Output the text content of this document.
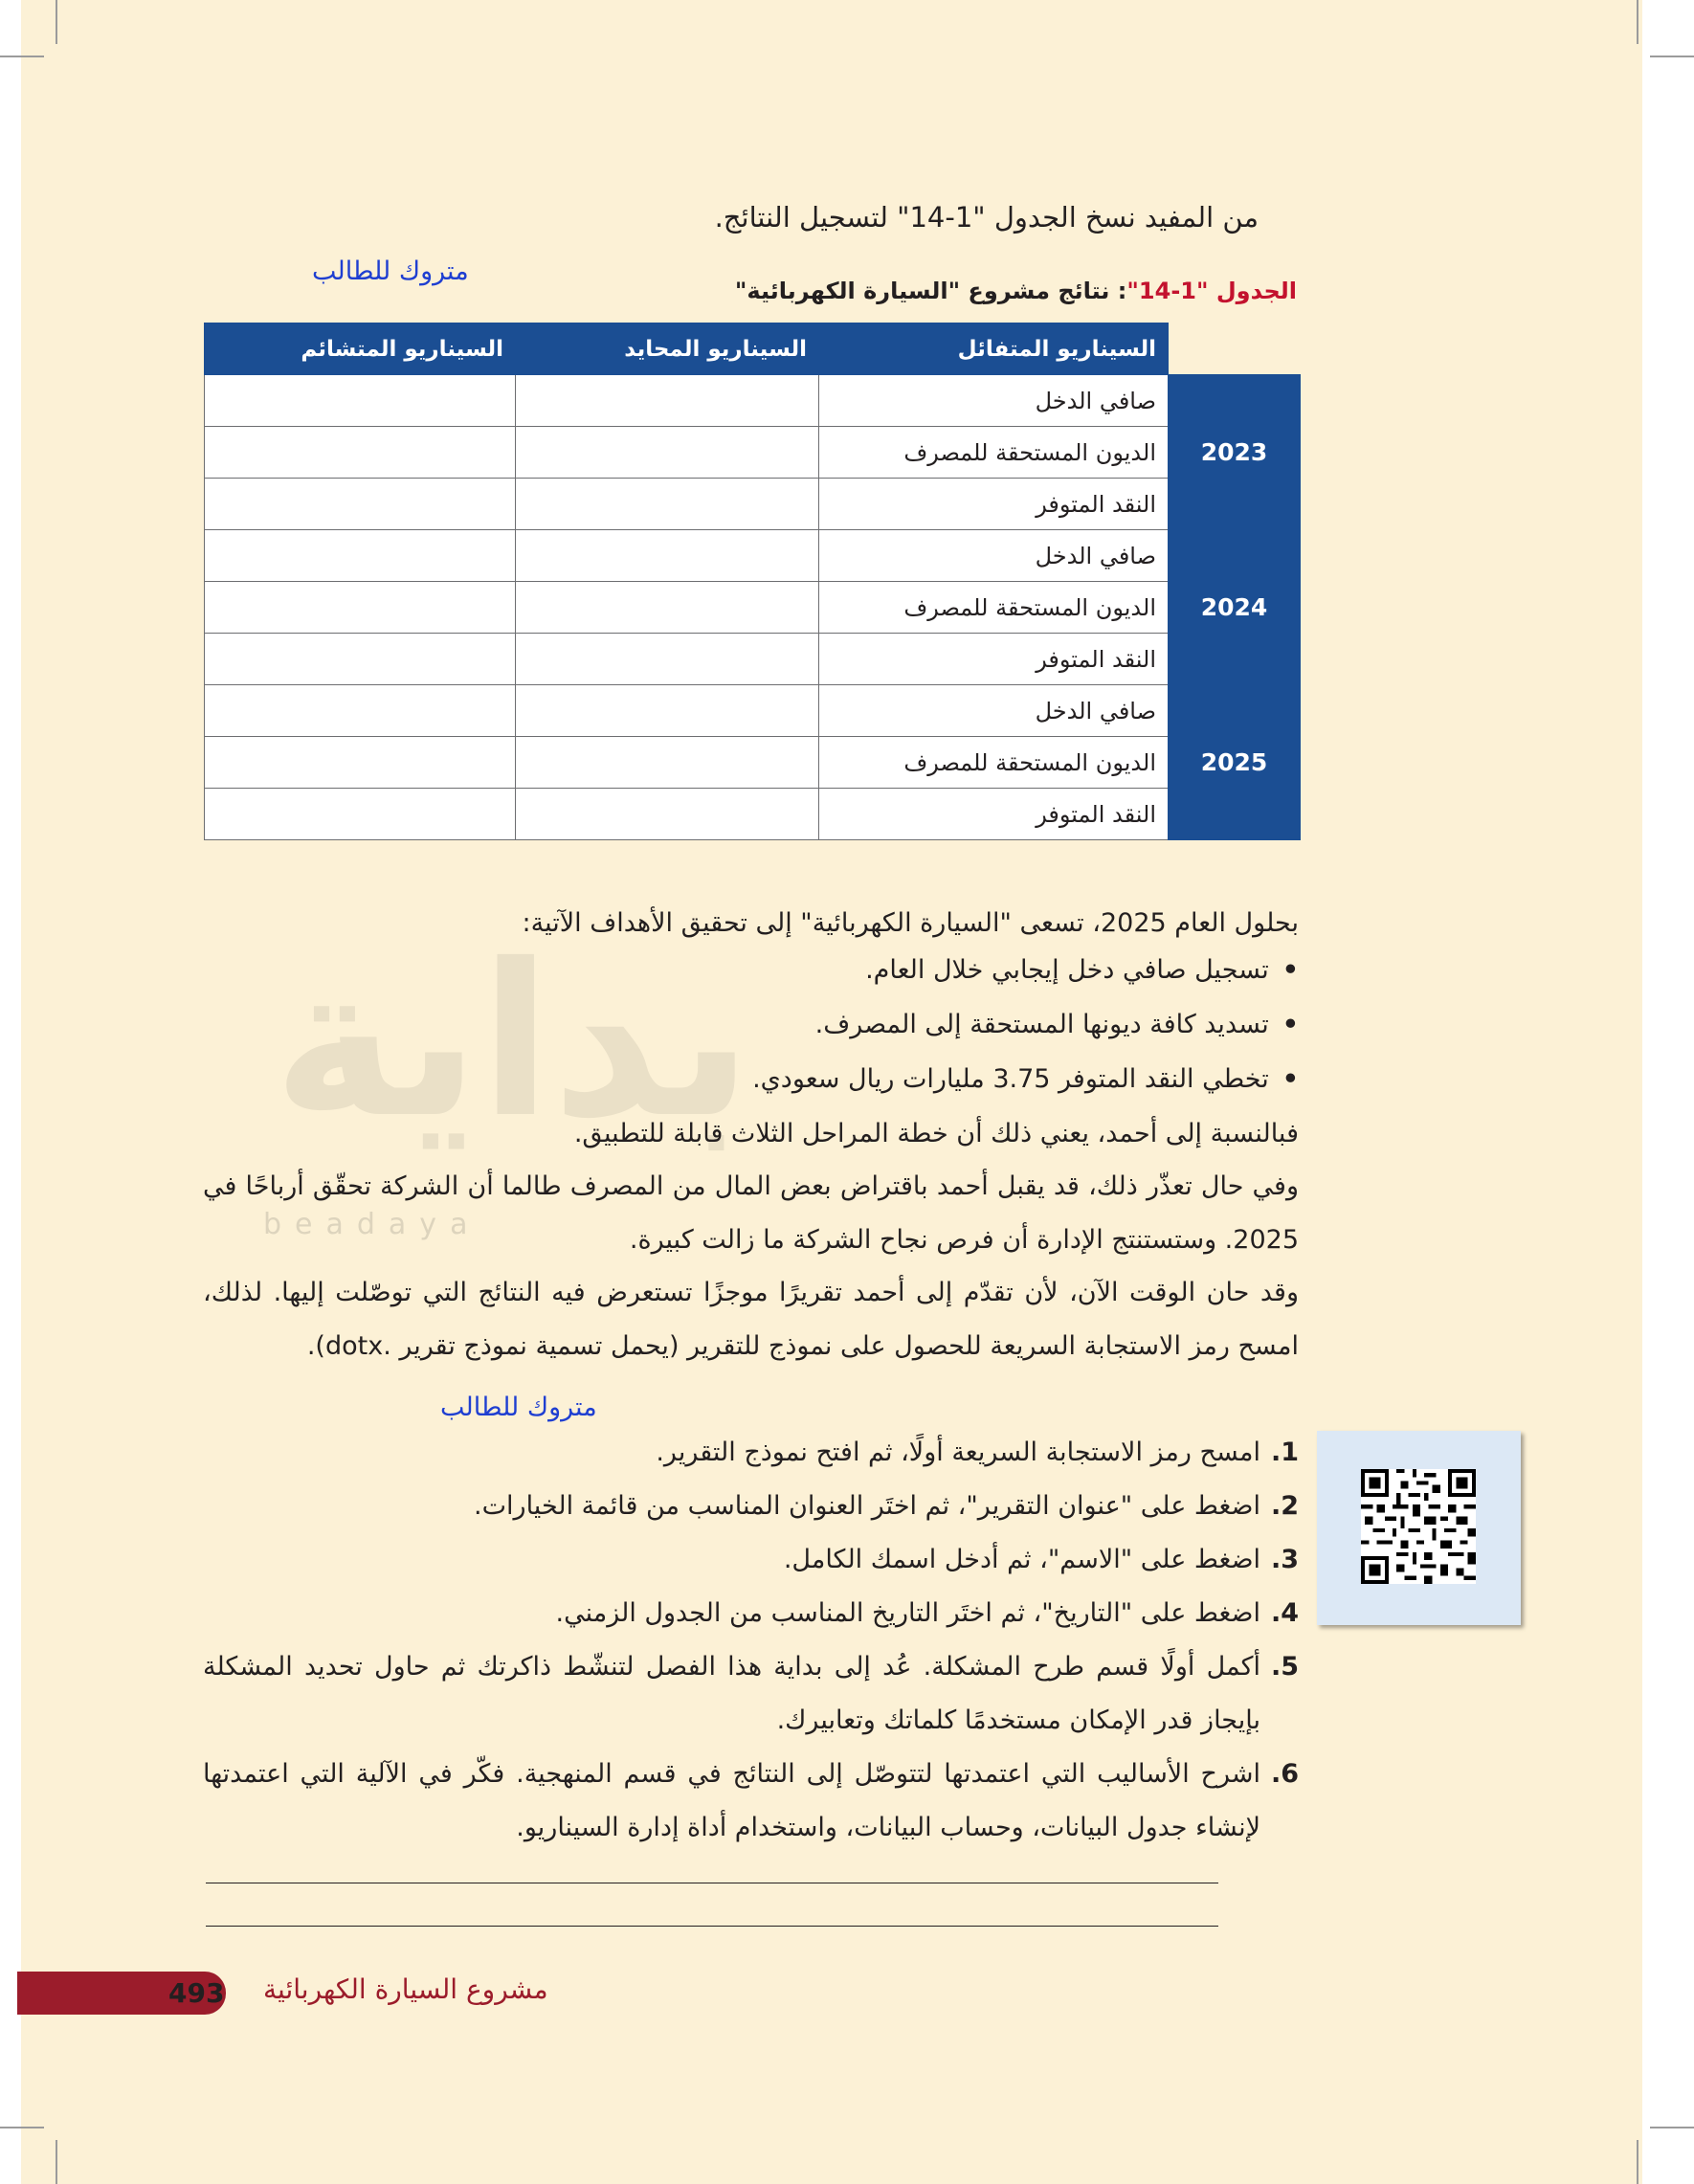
بداية
beadaya
من المفيد نسخ الجدول "1-14" لتسجيل النتائج.
متروك للطالب
الجدول "1-14": نتائج مشروع "السيارة الكهربائية"
	السيناريو المتفائل	السيناريو المحايد	السيناريو المتشائم
2023	صافي الدخل		
	الديون المستحقة للمصرف		
	النقد المتوفر		
2024	صافي الدخل		
	الديون المستحقة للمصرف		
	النقد المتوفر		
2025	صافي الدخل		
	الديون المستحقة للمصرف		
	النقد المتوفر		
بحلول العام 2025، تسعى "السيارة الكهربائية" إلى تحقيق الأهداف الآتية:
• تسجيل صافي دخل إيجابي خلال العام.
• تسديد كافة ديونها المستحقة إلى المصرف.
• تخطي النقد المتوفر 3.75 مليارات ريال سعودي.
فبالنسبة إلى أحمد، يعني ذلك أن خطة المراحل الثلاث قابلة للتطبيق.
وفي حال تعذّر ذلك، قد يقبل أحمد باقتراض بعض المال من المصرف طالما أن الشركة تحقّق أرباحًا في 2025. وستستنتج الإدارة أن فرص نجاح الشركة ما زالت كبيرة.
وقد حان الوقت الآن، لأن تقدّم إلى أحمد تقريرًا موجزًا تستعرض فيه النتائج التي توصّلت إليها. لذلك، امسح رمز الاستجابة السريعة للحصول على نموذج للتقرير (يحمل تسمية نموذج تقرير .dotx).
متروك للطالب
1.
امسح رمز الاستجابة السريعة أولًا، ثم افتح نموذج التقرير.
2.
اضغط على "عنوان التقرير"، ثم اختَر العنوان المناسب من قائمة الخيارات.
3.
اضغط على "الاسم"، ثم أدخل اسمك الكامل.
4.
اضغط على "التاريخ"، ثم اختَر التاريخ المناسب من الجدول الزمني.
5.
أكمل أولًا قسم طرح المشكلة. عُد إلى بداية هذا الفصل لتنشّط ذاكرتك ثم حاول تحديد المشكلة بإيجاز قدر الإمكان مستخدمًا كلماتك وتعابيرك.
6.
اشرح الأساليب التي اعتمدتها لتتوصّل إلى النتائج في قسم المنهجية. فكّر في الآلية التي اعتمدتها لإنشاء جدول البيانات، وحساب البيانات، واستخدام أداة إدارة السيناريو.
493 مشروع السيارة الكهربائية
